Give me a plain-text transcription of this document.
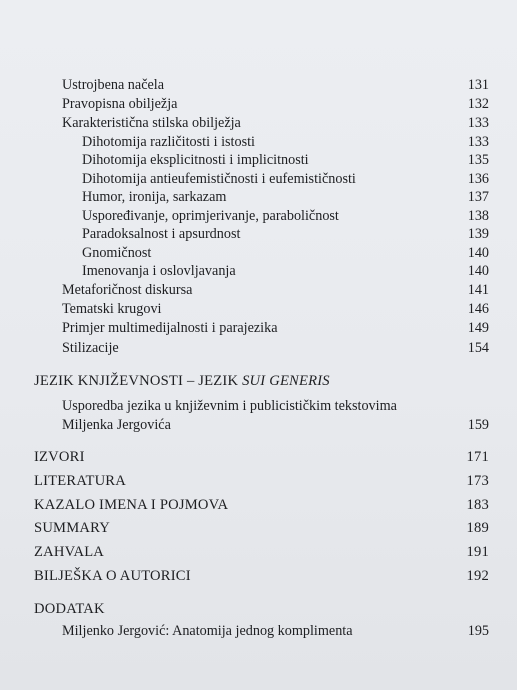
Ustrojbena načela	131
Pravopisna obilježja	132
Karakteristična stilska obilježja	133
Dihotomija različitosti i istosti	133
Dihotomija eksplicitnosti i implicitnosti	135
Dihotomija antieufemističnosti i eufemističnosti	136
Humor, ironija, sarkazam	137
Uspoređivanje, oprimjerivanje, paraboličnost	138
Paradoksalnost i apsurdnost	139
Gnomičnost	140
Imenovanja i oslovljavanja	140
Metaforičnost diskursa	141
Tematski krugovi	146
Primjer multimedijalnosti i parajezika	149
Stilizacije	154
JEZIK KNJIŽEVNOSTI – JEZIK SUI GENERIS
Usporedba jezika u književnim i publicističkim tekstovima
Miljenka Jergovića	159
IZVORI	171
LITERATURA	173
KAZALO IMENA I POJMOVA	183
SUMMARY	189
ZAHVALA	191
BILJEŠKA O AUTORICI	192
DODATAK
Miljenko Jergović: Anatomija jednog komplimenta	195
